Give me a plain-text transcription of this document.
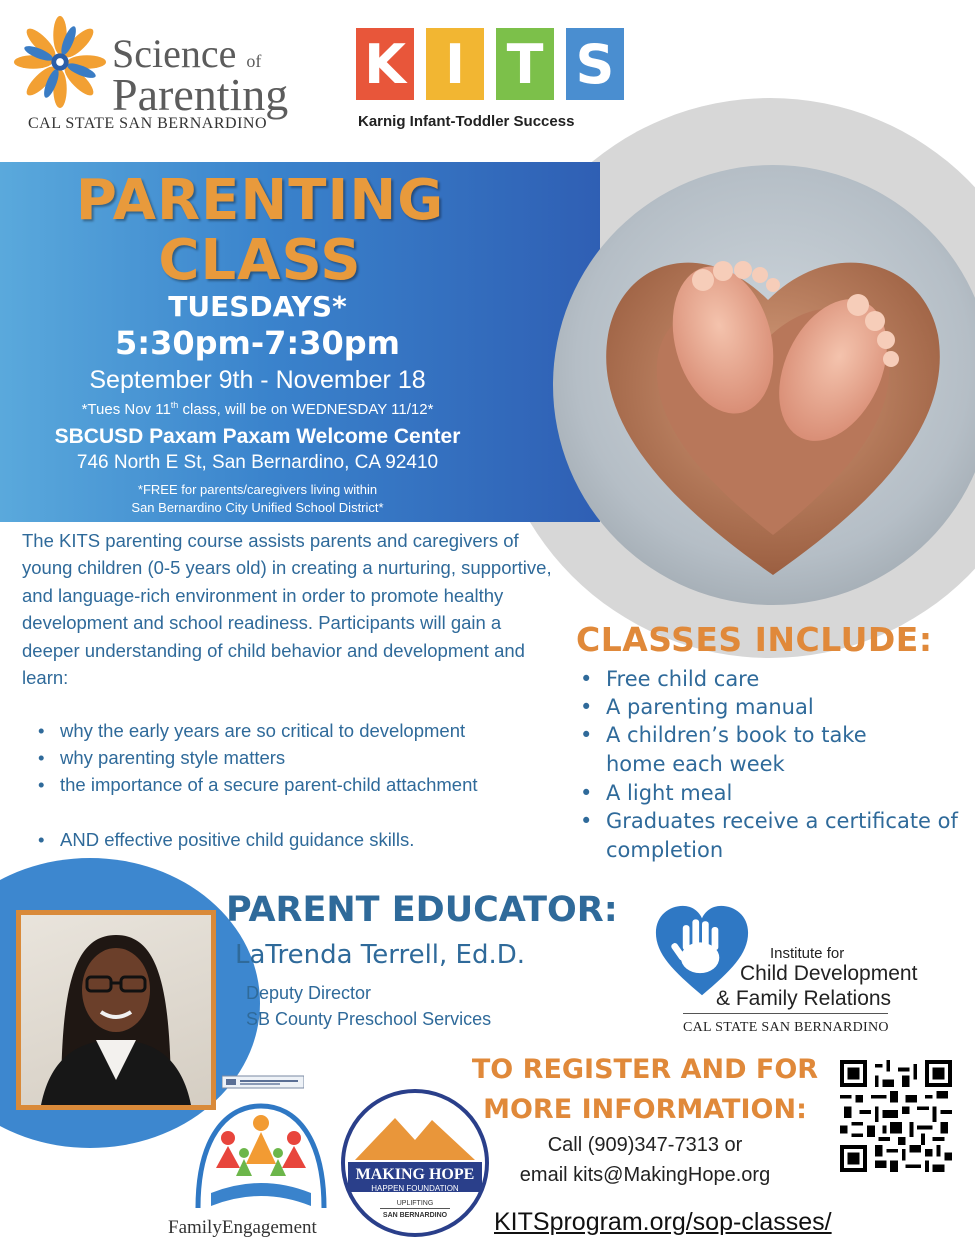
Science of
Parenting
CAL STATE SAN BERNARDINO
K I T S
Karnig Infant-Toddler Success
PARENTING
CLASS
TUESDAYS*
5:30pm-7:30pm
September 9th - November 18
*Tues Nov 11th class, will be on WEDNESDAY 11/12*
SBCUSD Paxam Paxam Welcome Center
746 North E St, San Bernardino, CA 92410
*FREE for parents/caregivers living within
San Bernardino City Unified School District*
The KITS parenting course assists parents and caregivers of young children (0-5 years old) in creating a nurturing, supportive, and language-rich environment in order to promote healthy development and school readiness. Participants will gain a deeper understanding of child behavior and development and learn:
• why the early years are so critical to development
• why parenting style matters
• the importance of a secure parent-child attachment
• AND effective positive child guidance skills.
CLASSES INCLUDE:
• Free child care
• A parenting manual
• A children’s book to take home each week
• A light meal
• Graduates receive a certificate of completion
PARENT EDUCATOR:
LaTrenda Terrell, Ed.D.
Deputy Director
SB County Preschool Services
Institute for
Child Development
& Family Relations
CAL STATE SAN BERNARDINO
TO REGISTER AND FOR
MORE INFORMATION:
Call (909)347-7313 or
email kits@MakingHope.org
KITSprogram.org/sop-classes/
FamilyEngagement
MAKING HOPE
HAPPEN FOUNDATION
UPLIFTING
SAN BERNARDINO
